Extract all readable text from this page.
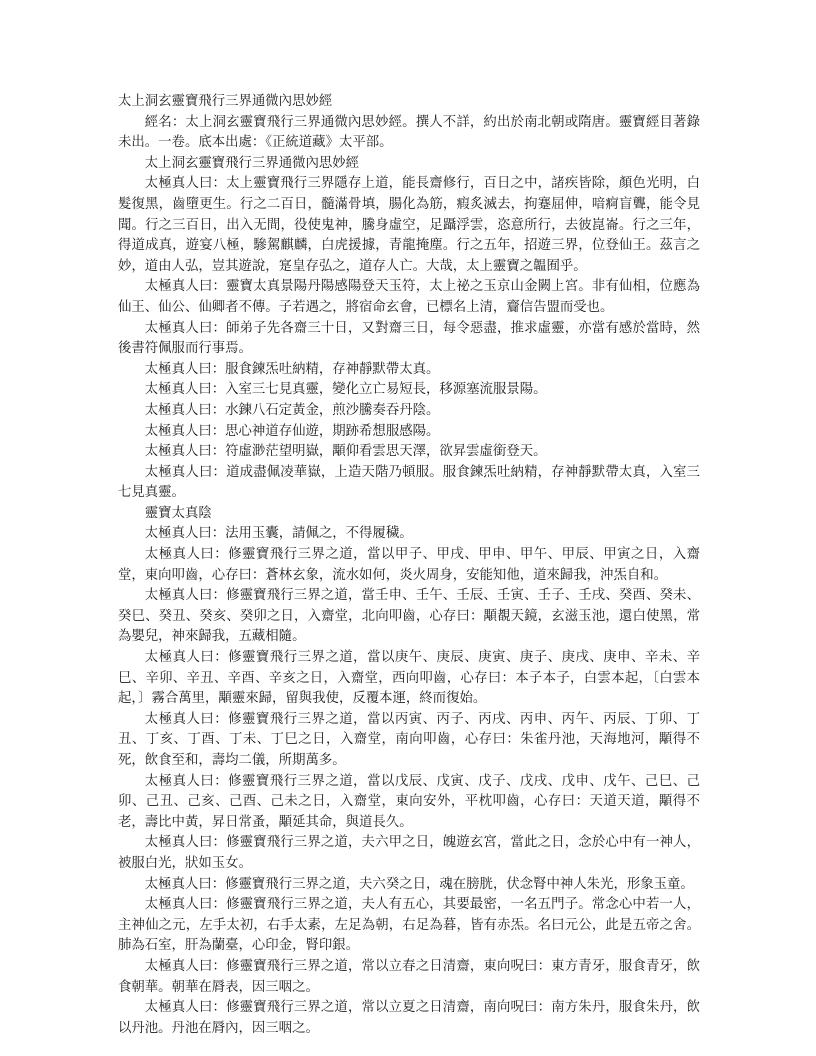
太上洞玄靈寶飛行三界通微內思妙經

經名：太上洞玄靈寶飛行三界通微內思妙經。撰人不詳，約出於南北朝或隋唐。靈寶經目著錄未出。一卷。底本出處：《正統道藏》太平部。

太上洞玄靈寶飛行三界通微內思妙經

太極真人曰：太上靈寶飛行三界隱存上道，能長齋修行，百日之中，諸疾皆除，顏色光明，白髮復黑，齒墮更生。行之二百日，髓滿骨填，腸化為筋，瘕炙滅去，拘蹇屈伸，喑痾盲聾，能令見聞。行之三百日，出入无間，役使鬼神，騰身虛空，足躡浮雲，恣意所行，去彼崑崙。行之三年，得道成真，遊宴八極，驂駕麒麟，白虎援據，青龍掩塵。行之五年，招遊三界，位登仙王。茲言之妙，道由人弘，豈其遊說，寔皇存弘之，道存人亡。大哉，太上靈寶之韞囿乎。

太極真人曰：靈寶太真景陽丹陽感陽登天玉符，太上祕之玉京山金闕上宮。非有仙相，位應為仙王、仙公、仙卿者不傳。子若遇之，將宿命玄會，已標名上清，齎信告盟而受也。

太極真人曰：師弟子先各齋三十日，又對齋三日，每令惡盡，推求虛靈，亦當有感於當時，然後書符佩服而行事焉。

太極真人曰：服食鍊炁吐納精，存神靜默帶太真。

太極真人曰：入室三七見真靈，變化立亡易短長，移源塞流服景陽。

太極真人曰：水鍊八石定黃金，煎沙騰奏吞丹陰。

太極真人曰：思心神道存仙遊，期跡希想服感陽。

太極真人曰：符虛渺茫望明嶽，顒仰看雲思天澤，欲昇雲虛銜登天。

太極真人曰：道成盡佩凌華嶽，上造天階乃頓服。服食鍊炁吐納精，存神靜默帶太真，入室三七見真靈。

靈寶太真陰

太極真人曰：法用玉囊，請佩之，不得履穢。

太極真人曰：修靈寶飛行三界之道，當以甲子、甲戌、甲申、甲午、甲辰、甲寅之日，入齋堂，東向叩齒，心存曰：蒼林玄象，流水如何，炎火周身，安能知他，道來歸我，沖炁自和。

太極真人曰：修靈寶飛行三界之道，當壬申、壬午、壬辰、壬寅、壬子、壬戌、癸酉、癸未、癸巳、癸丑、癸亥、癸卯之日，入齋堂，北向叩齒，心存曰：顒覩天鏡，玄滋玉池，還白使黑，常為嬰兒，神來歸我，五藏相隨。

太極真人曰：修靈寶飛行三界之道，當以庚午、庚辰、庚寅、庚子、庚戌、庚申、辛未、辛巳、辛卯、辛丑、辛酉、辛亥之日，入齋堂，西向叩齒，心存曰：本子本子，白雲本起，〔白雲本起，〕霧合萬里，顒靈來歸，留與我使，反覆本運，終而復始。

太極真人曰：修靈寶飛行三界之道，當以丙寅、丙子、丙戌、丙申、丙午、丙辰、丁卯、丁丑、丁亥、丁酉、丁未、丁巳之日，入齋堂，南向叩齒，心存曰：朱雀丹池，天海地河，顒得不死，飲食至和，壽均二儀，所期萬多。

太極真人曰：修靈寶飛行三界之道，當以戊辰、戊寅、戊子、戊戌、戊申、戊午、己巳、己卯、己丑、己亥、己酉、己未之日，入齋堂，東向安外，平枕叩齒，心存曰：天道天道，顒得不老，壽比中黃，昇日常蚤，顒延其命，與道長久。

太極真人曰：修靈寶飛行三界之道，夫六甲之日，魄遊玄宮，當此之日，念於心中有一神人，被服白光，狀如玉女。

太極真人曰：修靈寶飛行三界之道，夫六癸之日，魂在膀胱，伏念腎中神人朱光，形象玉童。

太極真人曰：修靈寶飛行三界之道，夫人有五心，其要最密，一名五門子。常念心中若一人，主神仙之元，左手太初，右手太素，左足為朝，右足為暮，皆有赤炁。名曰元公，此是五帝之舍。肺為石室，肝為蘭臺，心印金，腎印銀。

太極真人曰：修靈寶飛行三界之道，常以立春之日清齋，東向呪曰：東方青牙，服食青牙，飲食朝華。朝華在脣表，因三咽之。

太極真人曰：修靈寶飛行三界之道，常以立夏之日清齋，南向呪曰：南方朱丹，服食朱丹，飲以丹池。丹池在脣內，因三咽之。
